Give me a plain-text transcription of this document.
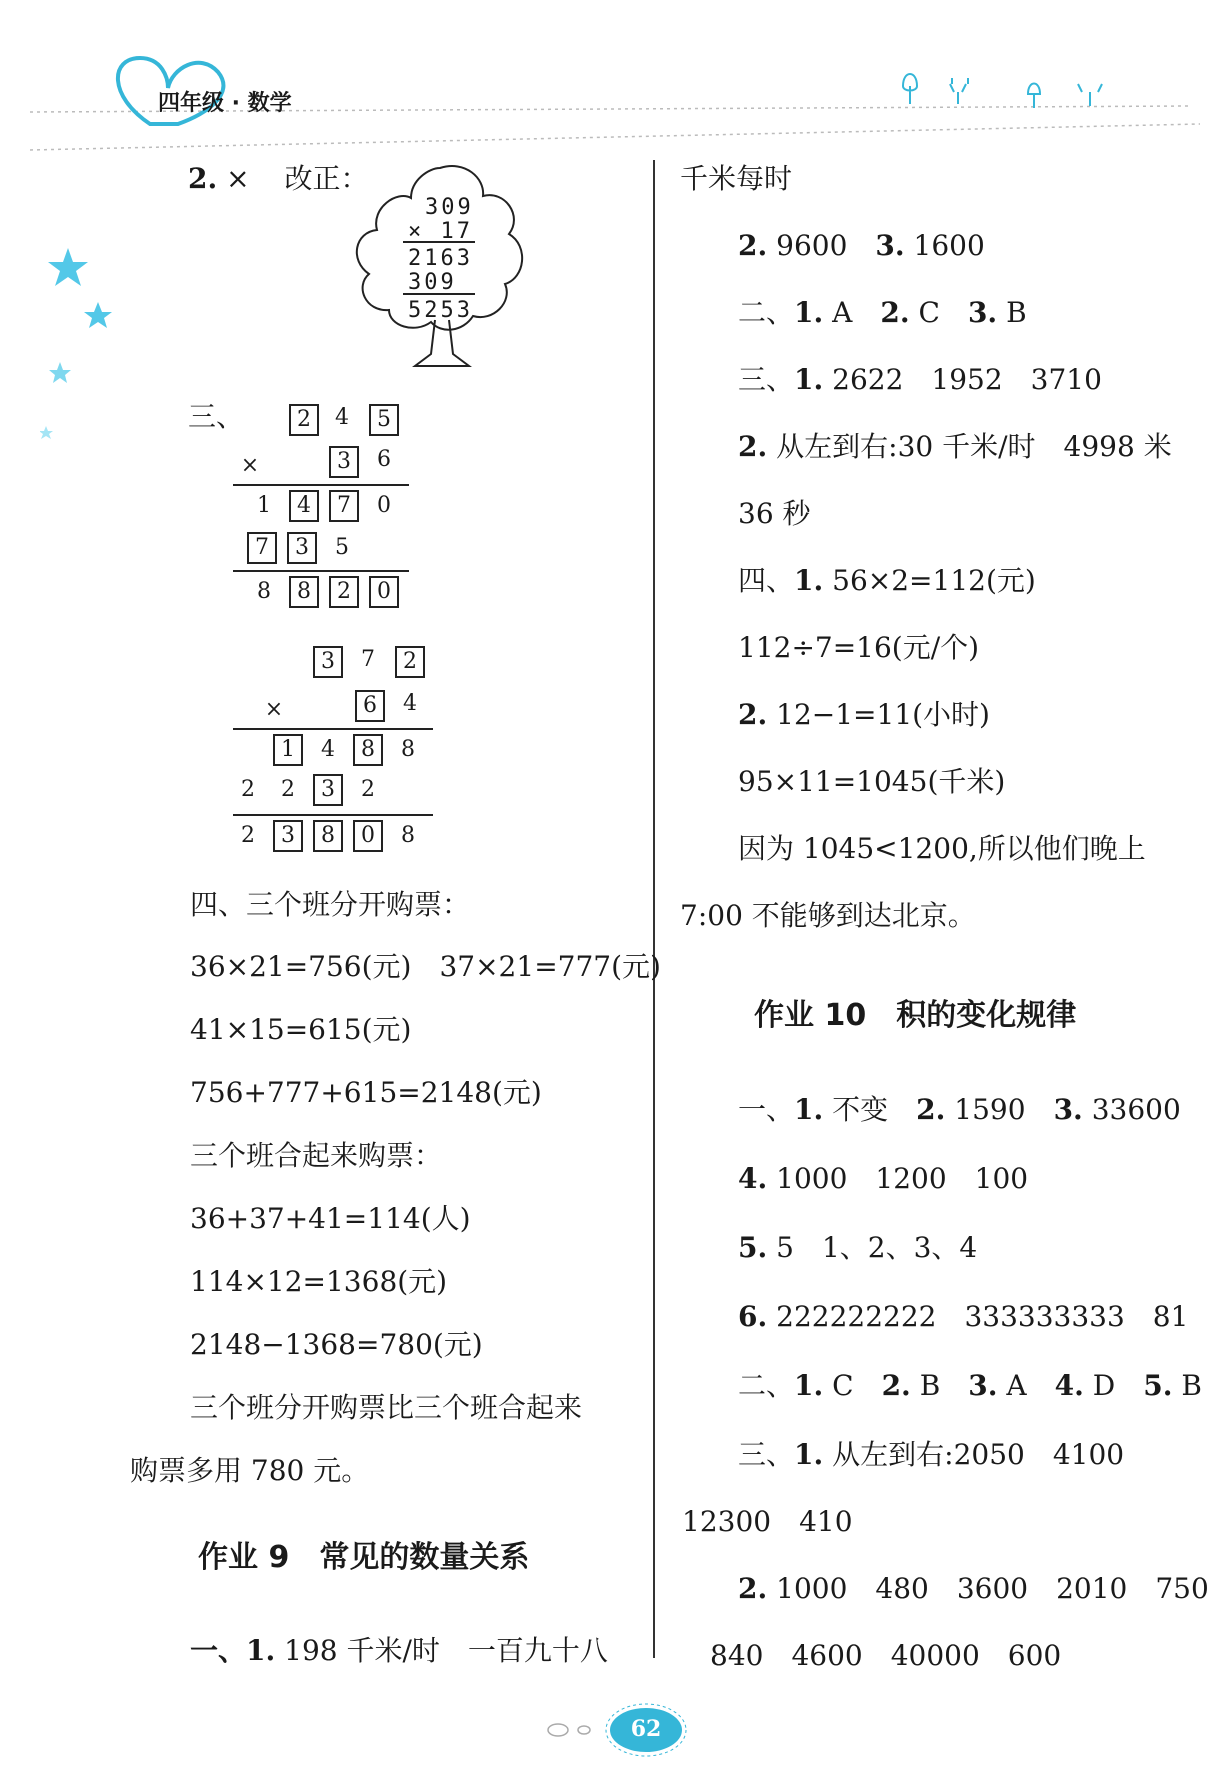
四年级 · 数学
2. × 改正：
309
× 17
2163
309
5253
三、	2	4	5
×	3	6
1	4	7	0
7	3	5
8	8	2	0
3	7	2
×	6	4
1	4	8	8
2	2	3	2
2	3	8	0	8
四、三个班分开购票：
36×21=756(元)　37×21=777(元)
41×15=615(元)
756+777+615=2148(元)
三个班合起来购票：
36+37+41=114(人)
114×12=1368(元)
2148−1368=780(元)
三个班分开购票比三个班合起来
购票多用 780 元。
作业 9　常见的数量关系
一、1. 198 千米/时　一百九十八
千米每时
2. 9600　3. 1600
二、1. A　2. C　3. B
三、1. 2622　1952　3710
2. 从左到右:30 千米/时　4998 米
36 秒
四、1. 56×2=112(元)
112÷7=16(元/个)
2. 12−1=11(小时)
95×11=1045(千米)
因为 1045<1200,所以他们晚上
7:00 不能够到达北京。
作业 10　积的变化规律
一、1. 不变　2. 1590　3. 33600
4. 1000　1200　100
5. 5　1、2、3、4
6. 222222222　333333333　81
二、1. C　2. B　3. A　4. D　5. B
三、1. 从左到右:2050　4100
12300　410
2. 1000　480　3600　2010　750
840　4600　40000　600
62
